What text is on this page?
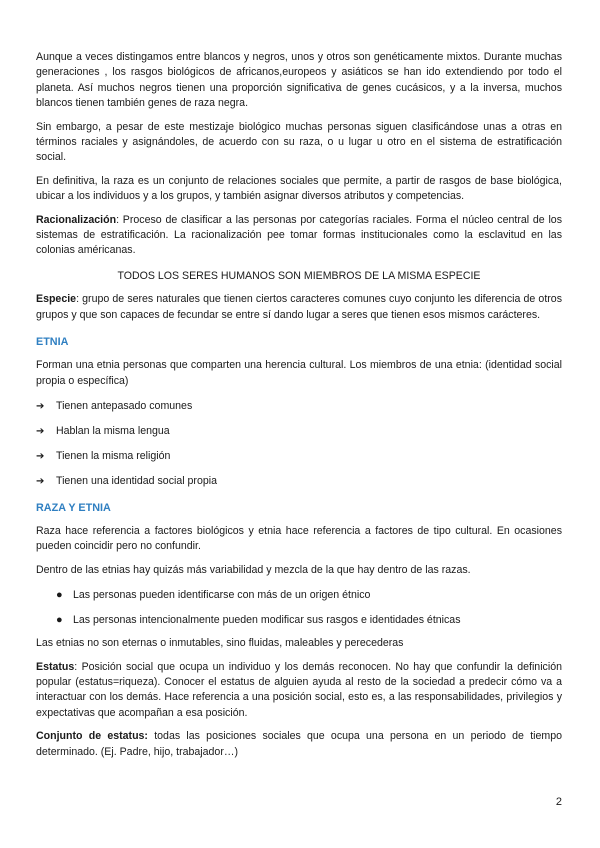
Aunque a veces distingamos entre blancos y negros, unos y otros son genéticamente mixtos. Durante muchas generaciones , los rasgos biológicos de africanos,europeos y asiáticos se han ido extendiendo por todo el planeta. Así muchos negros tienen una proporción significativa de genes cucásicos, y a la inversa, muchos blancos tienen también genes de raza negra.

Sin embargo, a pesar de este mestizaje biológico muchas personas siguen clasificándose unas a otras en términos raciales y asignándoles, de acuerdo con su raza, o u lugar u otro en el sistema de estratificación social.

En definitiva, la raza es un conjunto de relaciones sociales que permite, a partir de rasgos de base biológica, ubicar a los individuos y a los grupos, y también asignar diversos atributos y competencias.

Racionalización: Proceso de clasificar a las personas por categorías raciales. Forma el núcleo central de los sistemas de estratificación. La racionalización pee tomar formas institucionales como la esclavitud en las colonias américanas.

TODOS LOS SERES HUMANOS SON MIEMBROS DE LA MISMA ESPECIE

Especie: grupo de seres naturales que tienen ciertos caracteres comunes cuyo conjunto les diferencia de otros grupos y que son capaces de fecundar se entre sí dando lugar a seres que tienen esos mismos carácteres.

ETNIA

Forman una etnia personas que comparten una herencia cultural. Los miembros de una etnia: (identidad social propia o específica)

➔ Tienen antepasado comunes
➔ Hablan la misma lengua
➔ Tienen la misma religión
➔ Tienen una identidad social propia
RAZA Y ETNIA

Raza hace referencia a factores biológicos y etnia hace referencia a factores de tipo cultural. En ocasiones pueden coincidir pero no confundir.

Dentro de las etnias hay quizás más variabilidad y mezcla de la que hay dentro de las razas.

● Las personas pueden identificarse con más de un origen étnico
● Las personas intencionalmente pueden modificar sus rasgos e identidades étnicas

Las etnias no son eternas o inmutables, sino fluidas, maleables y perecederas

Estatus: Posición social que ocupa un individuo y los demás reconocen. No hay que confundir la definición popular (estatus=riqueza). Conocer el estatus de alguien ayuda al resto de la sociedad a predecir cómo va a interactuar con los demás. Hace referencia a una posición social, esto es, a las responsabilidades, privilegios y expectativas que acompañan a esa posición.

Conjunto de estatus: todas las posiciones sociales que ocupa una persona en un periodo de tiempo determinado. (Ej. Padre, hijo, trabajador…)

2
